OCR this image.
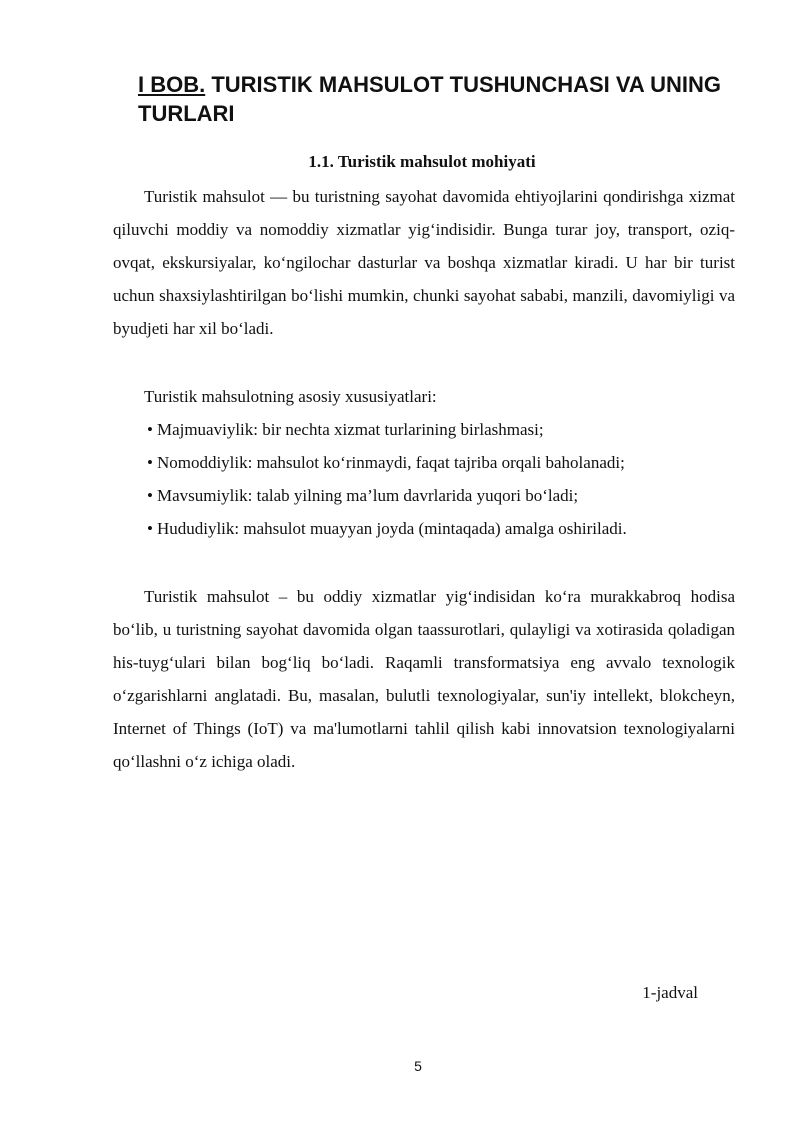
I BOB. TURISTIK MAHSULOT TUSHUNCHASI VA UNING TURLARI
1.1. Turistik mahsulot mohiyati

Turistik mahsulot — bu turistning sayohat davomida ehtiyojlarini qondirishga xizmat qiluvchi moddiy va nomoddiy xizmatlar yig‘indisidir. Bunga turar joy, transport, oziq-ovqat, ekskursiyalar, ko‘ngilochar dasturlar va boshqa xizmatlar kiradi. U har bir turist uchun shaxsiylashtirilgan bo‘lishi mumkin, chunki sayohat sababi, manzili, davomiyligi va byudjeti har xil bo‘ladi.

Turistik mahsulotning asosiy xususiyatlari:

• Majmuaviylik: bir nechta xizmat turlarining birlashmasi;
• Nomoddiylik: mahsulot ko‘rinmaydi, faqat tajriba orqali baholanadi;
• Mavsumiylik: talab yilning ma’lum davrlarida yuqori bo‘ladi;
• Hududiylik: mahsulot muayyan joyda (mintaqada) amalga oshiriladi.

Turistik mahsulot – bu oddiy xizmatlar yig‘indisidan ko‘ra murakkabroq hodisa bo‘lib, u turistning sayohat davomida olgan taassurotlari, qulayligi va xotirasida qoladigan his-tuyg‘ulari bilan bog‘liq bo‘ladi. Raqamli transformatsiya eng avvalo texnologik o‘zgarishlarni anglatadi. Bu, masalan, bulutli texnologiyalar, sun'iy intellekt, blokcheyn, Internet of Things (IoT) va ma'lumotlarni tahlil qilish kabi innovatsion texnologiyalarni qo‘llashni o‘z ichiga oladi.

1-jadval

5
